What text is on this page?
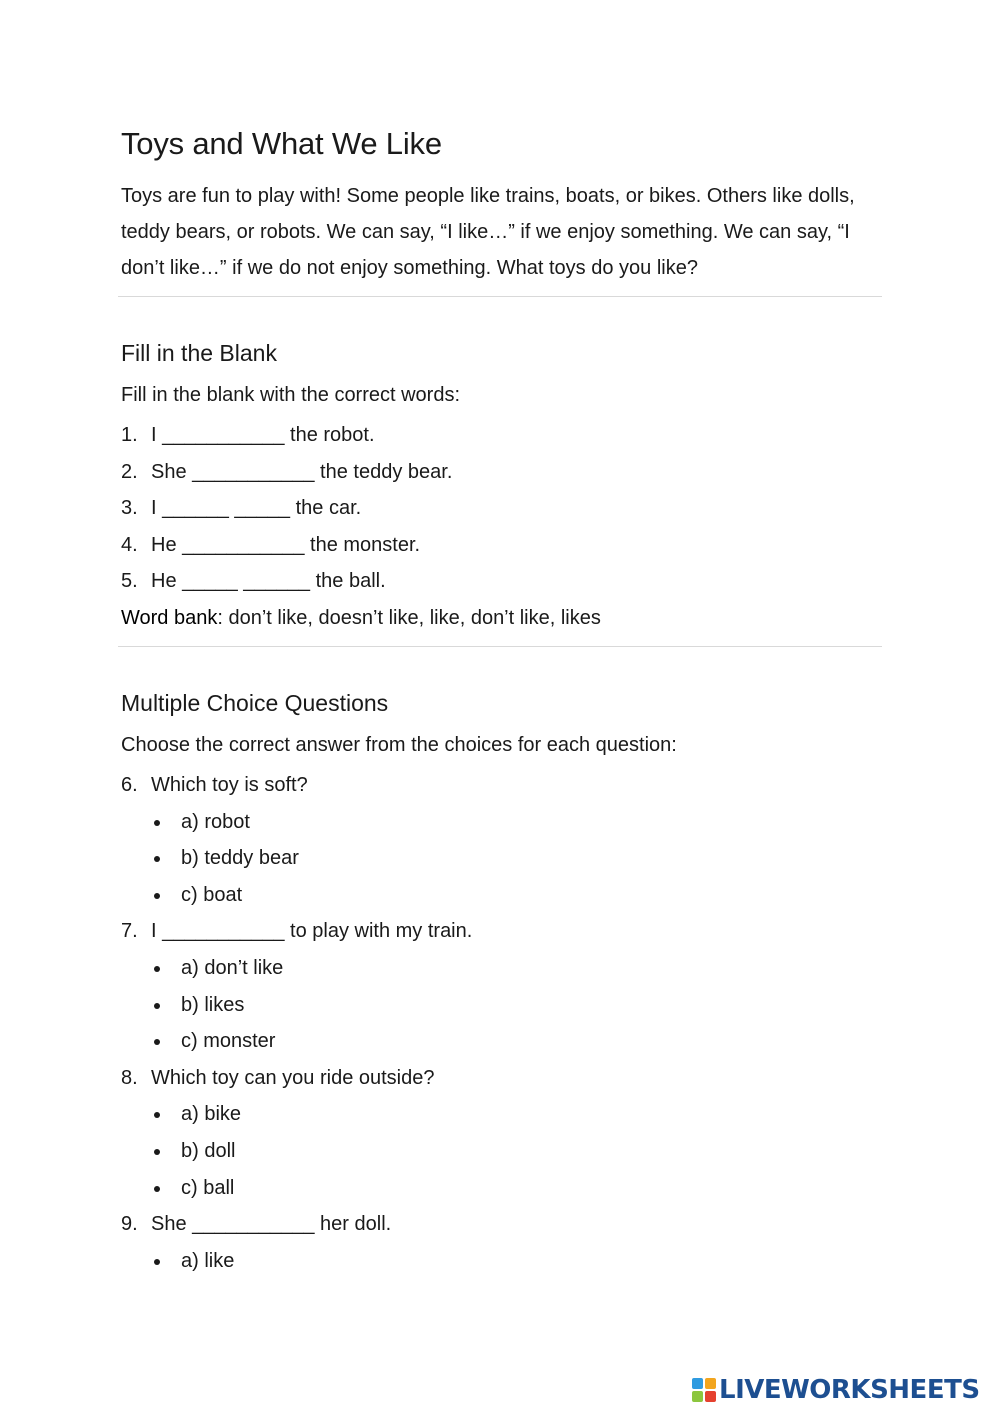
Toys and What We Like

Toys are fun to play with! Some people like trains, boats, or bikes. Others like dolls, teddy bears, or robots. We can say, “I like…” if we enjoy something. We can say, “I don’t like…” if we do not enjoy something. What toys do you like?

Fill in the Blank

Fill in the blank with the correct words:

1. I ___________ the robot.
2. She ___________ the teddy bear.
3. I ______ _____ the car.
4. He ___________ the monster.
5. He _____ ______ the ball.

Word bank: don’t like, doesn’t like, like, don’t like, likes

Multiple Choice Questions

Choose the correct answer from the choices for each question:

6. Which toy is soft?
a) robot
b) teddy bear
c) boat
7. I ___________ to play with my train.
a) don’t like
b) likes
c) monster
8. Which toy can you ride outside?
a) bike
b) doll
c) ball
9. She ___________ her doll.
a) like
LIVEWORKSHEETS
